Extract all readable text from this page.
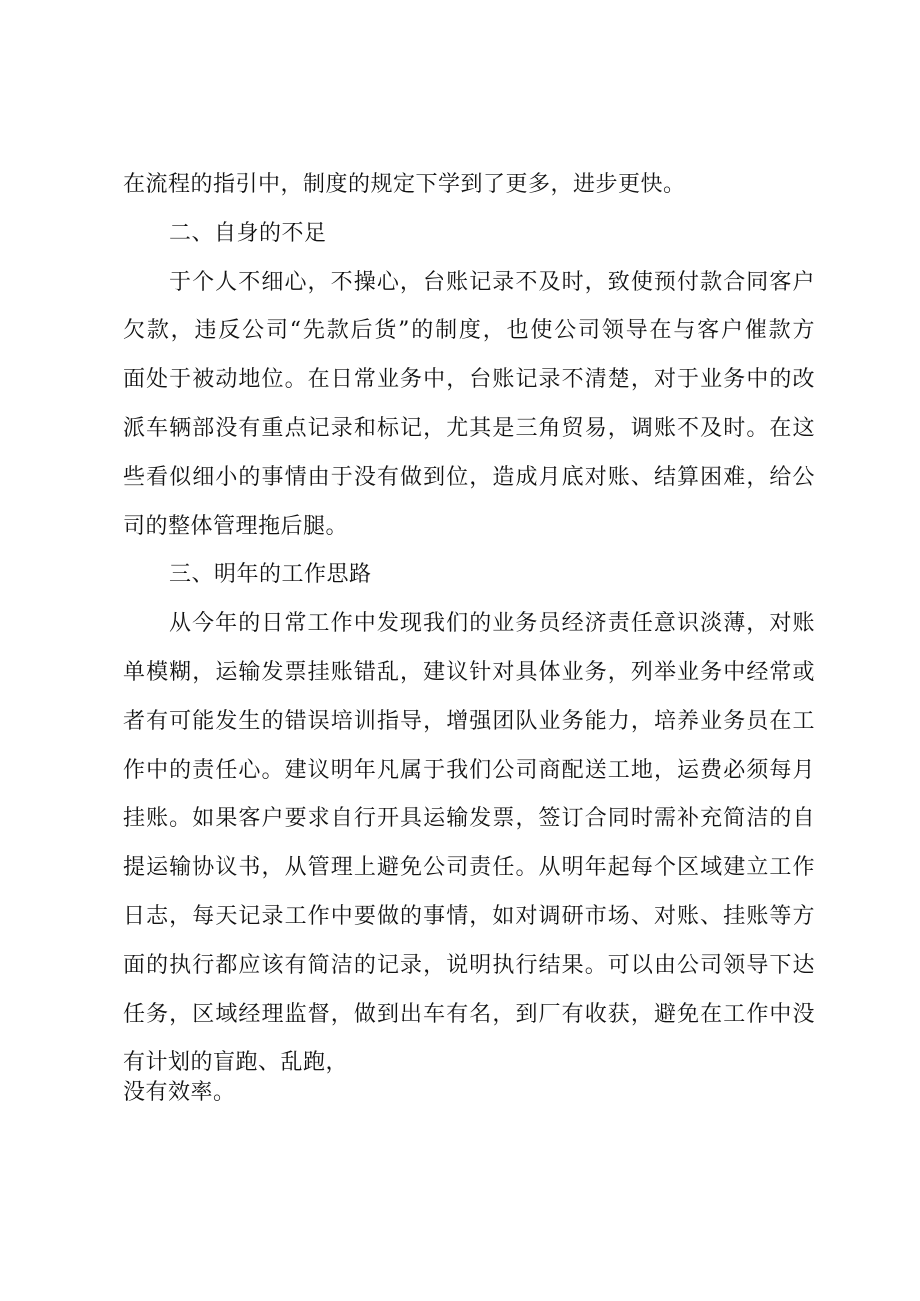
在流程的指引中，制度的规定下学到了更多，进步更快。
二、自身的不足
于个人不细心，不操心，台账记录不及时，致使预付款合同客户
欠款，违反公司“先款后货”的制度，也使公司领导在与客户催款方
面处于被动地位。在日常业务中，台账记录不清楚，对于业务中的改
派车辆部没有重点记录和标记，尤其是三角贸易，调账不及时。在这
些看似细小的事情由于没有做到位，造成月底对账、结算困难，给公
司的整体管理拖后腿。
三、明年的工作思路
从今年的日常工作中发现我们的业务员经济责任意识淡薄，对账
单模糊，运输发票挂账错乱，建议针对具体业务，列举业务中经常或
者有可能发生的错误培训指导，增强团队业务能力，培养业务员在工
作中的责任心。建议明年凡属于我们公司商配送工地，运费必须每月
挂账。如果客户要求自行开具运输发票，签订合同时需补充简洁的自
提运输协议书，从管理上避免公司责任。从明年起每个区域建立工作
日志，每天记录工作中要做的事情，如对调研市场、对账、挂账等方
面的执行都应该有简洁的记录，说明执行结果。可以由公司领导下达
任务，区域经理监督，做到出车有名，到厂有收获，避免在工作中没
有计划的盲跑、乱跑，
没有效率。
